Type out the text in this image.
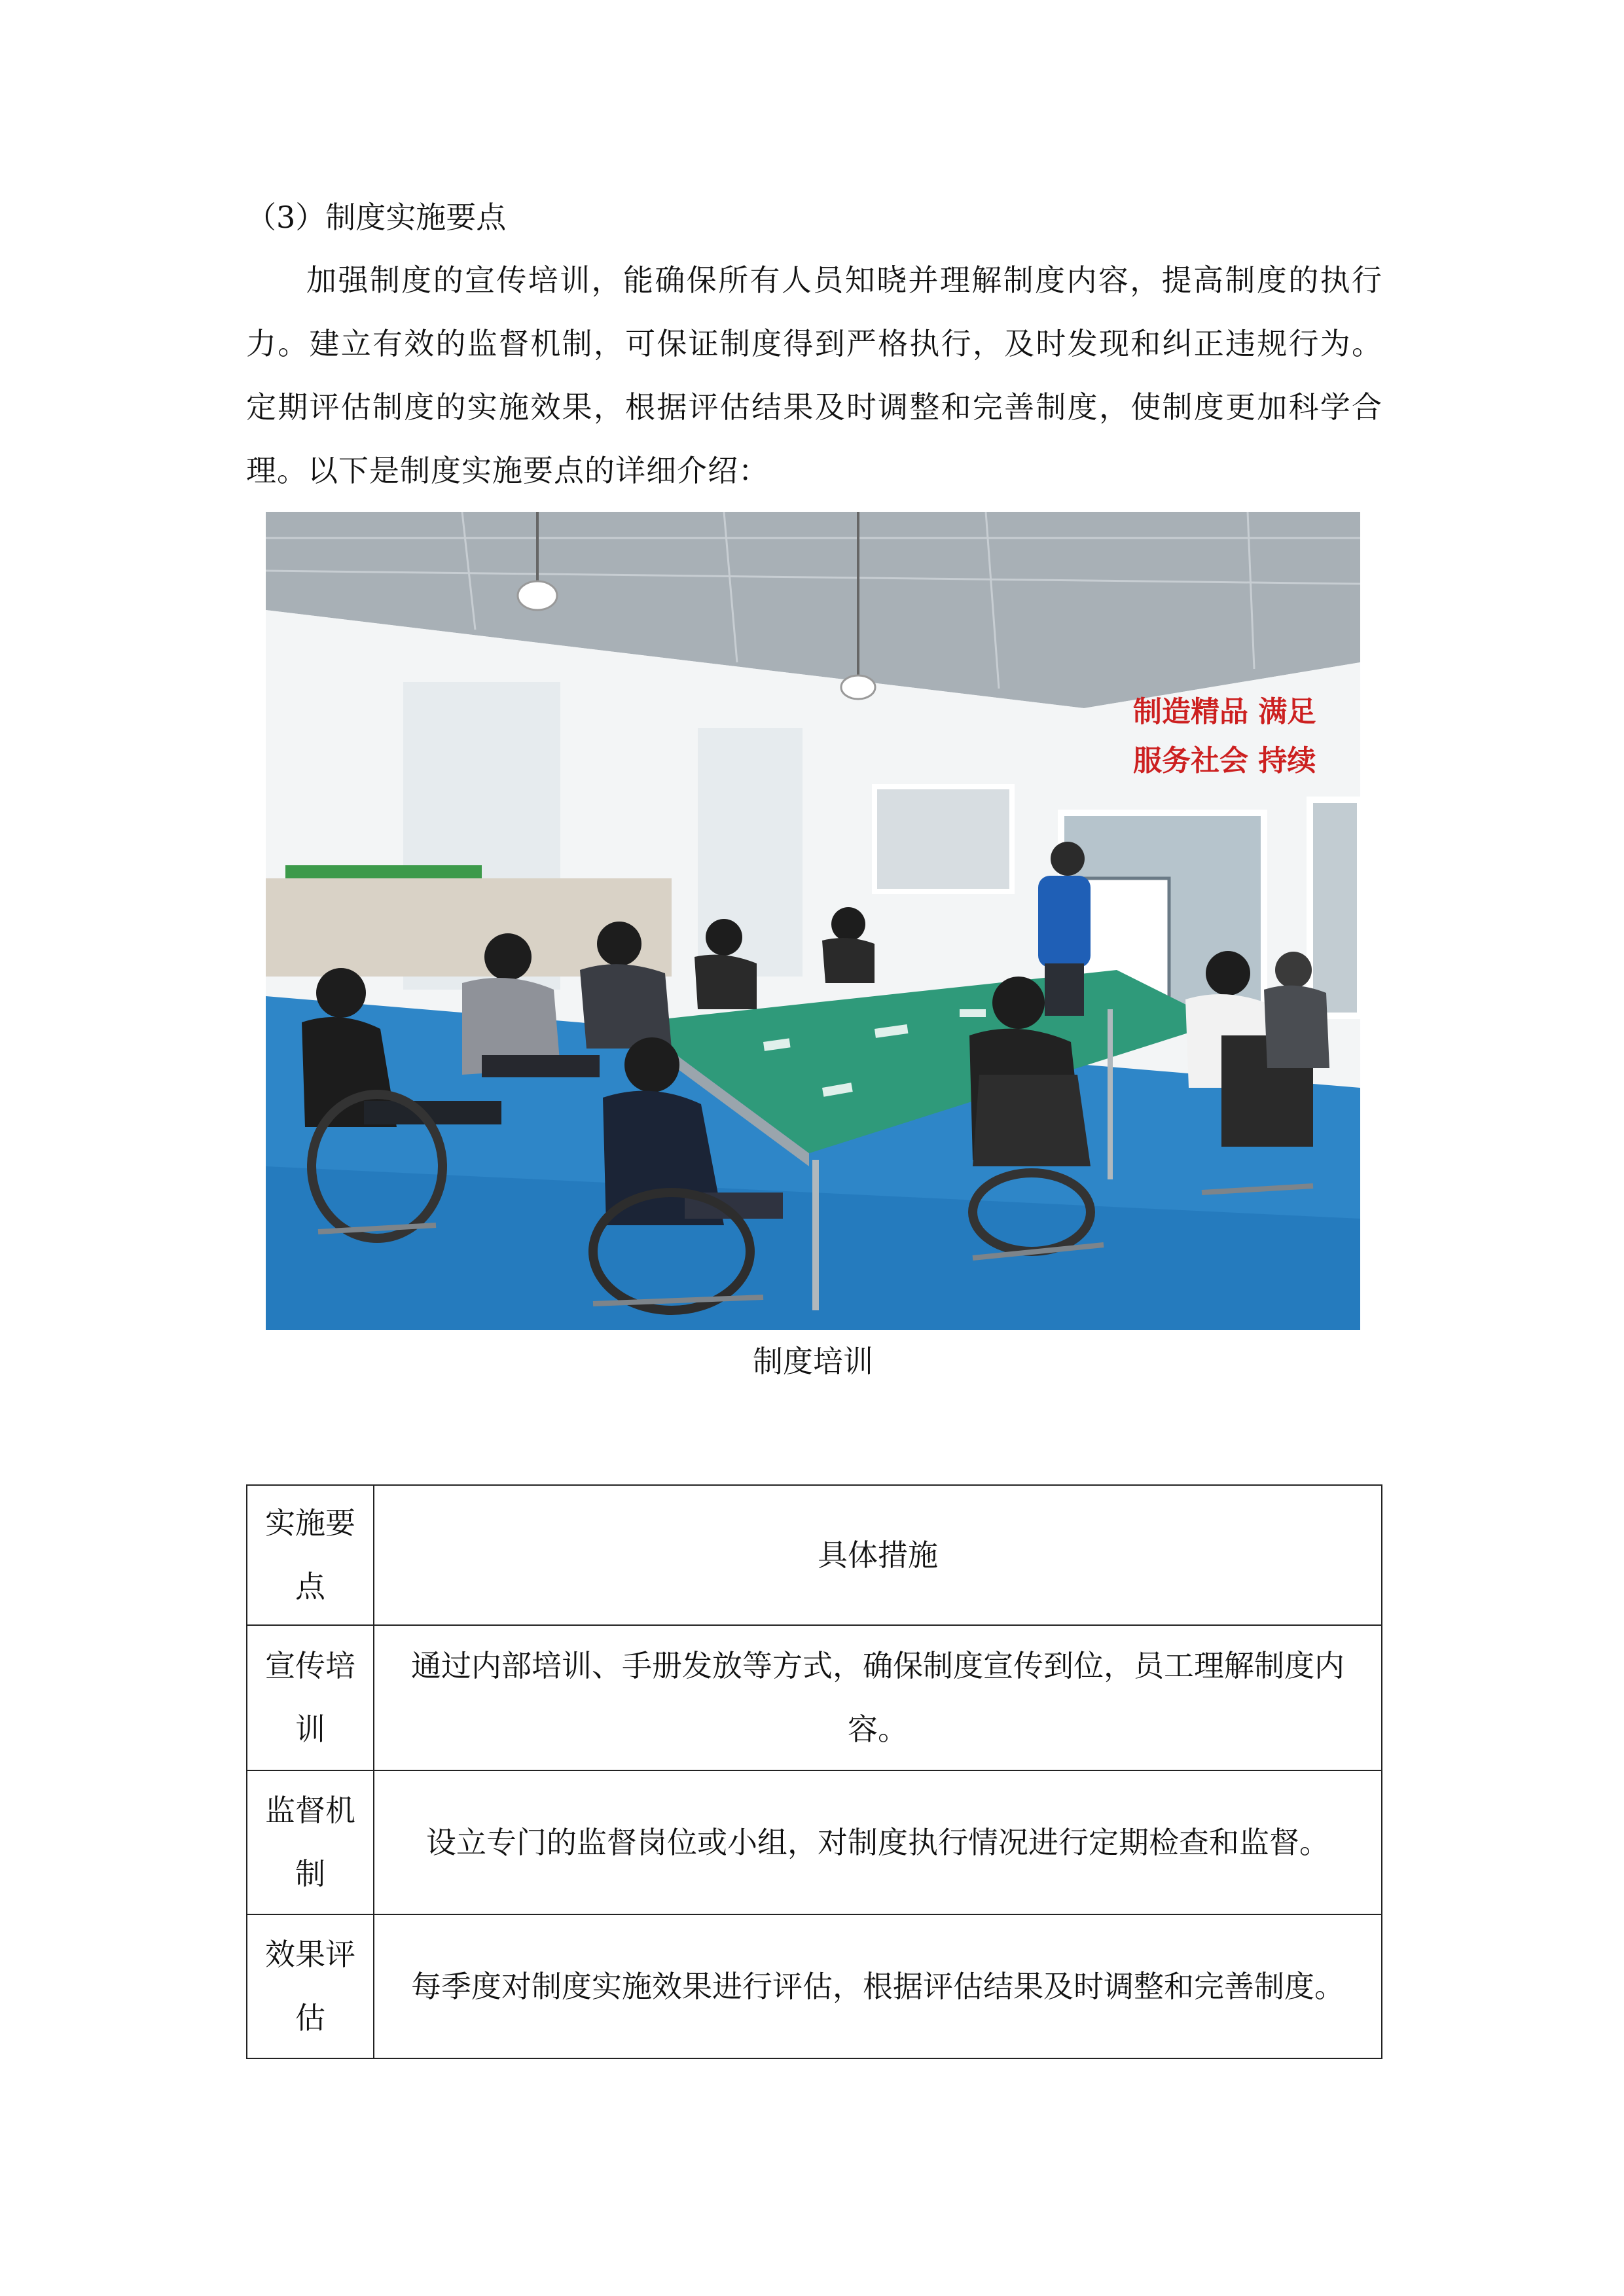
（3）制度实施要点

加强制度的宣传培训，能确保所有人员知晓并理解制度内容，提高制度的执行力。建立有效的监督机制，可保证制度得到严格执行，及时发现和纠正违规行为。定期评估制度的实施效果，根据评估结果及时调整和完善制度，使制度更加科学合理。以下是制度实施要点的详细介绍：

制造精品 满足
服务社会 持续

制度培训

实施要点	具体措施
宣传培训	通过内部培训、手册发放等方式，确保制度宣传到位，员工理解制度内容。
监督机制	设立专门的监督岗位或小组，对制度执行情况进行定期检查和监督。
效果评估	每季度对制度实施效果进行评估，根据评估结果及时调整和完善制度。
